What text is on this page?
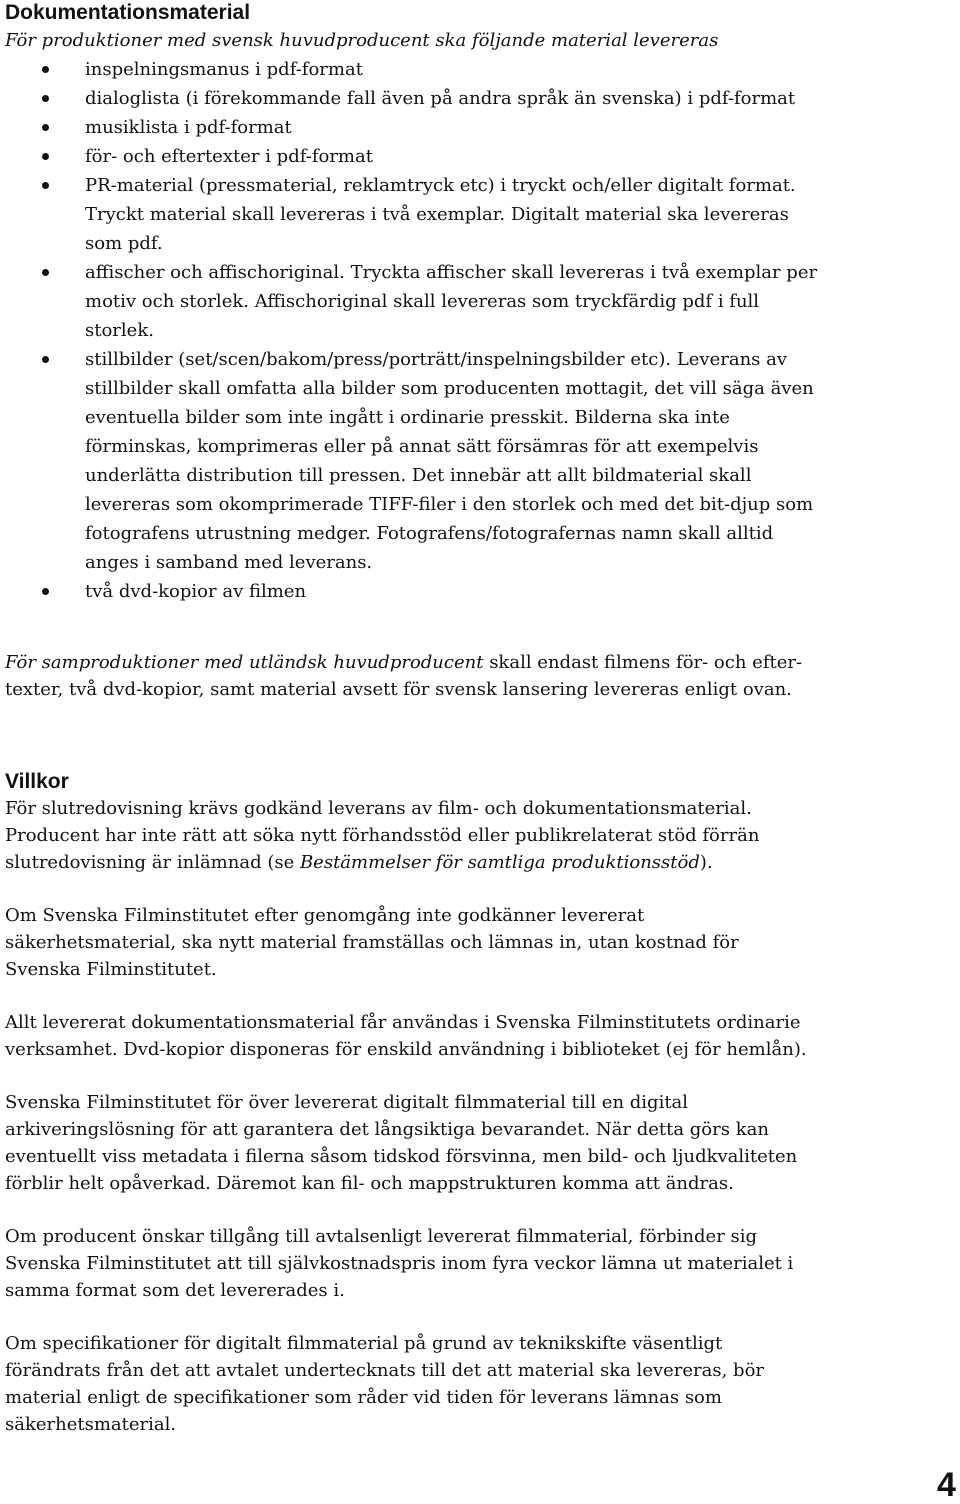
Dokumentationsmaterial

För produktioner med svensk huvudproducent ska följande material levereras

inspelningsmanus i pdf-format
dialoglista (i förekommande fall även på andra språk än svenska) i pdf-format
musiklista i pdf-format
för- och eftertexter i pdf-format
PR-material (pressmaterial, reklamtryck etc) i tryckt och/eller digitalt format. Tryckt material skall levereras i två exemplar. Digitalt material ska levereras som pdf.
affischer och affischoriginal. Tryckta affischer skall levereras i två exemplar per motiv och storlek. Affischoriginal skall levereras som tryckfärdig pdf i full storlek.
stillbilder (set/scen/bakom/press/porträtt/inspelningsbilder etc). Leverans av stillbilder skall omfatta alla bilder som producenten mottagit, det vill säga även eventuella bilder som inte ingått i ordinarie presskit. Bilderna ska inte förminskas, komprimeras eller på annat sätt försämras för att exempelvis underlätta distribution till pressen. Det innebär att allt bildmaterial skall levereras som okomprimerade TIFF-filer i den storlek och med det bit-djup som fotografens utrustning medger. Fotografens/fotografernas namn skall alltid anges i samband med leverans.
två dvd-kopior av filmen

För samproduktioner med utländsk huvudproducent skall endast filmens för- och efter-texter, två dvd-kopior, samt material avsett för svensk lansering levereras enligt ovan.

Villkor

För slutredovisning krävs godkänd leverans av film- och dokumentationsmaterial. Producent har inte rätt att söka nytt förhandsstöd eller publikrelaterat stöd förrän slutredovisning är inlämnad (se Bestämmelser för samtliga produktionsstöd).

Om Svenska Filminstitutet efter genomgång inte godkänner levererat säkerhetsmaterial, ska nytt material framställas och lämnas in, utan kostnad för Svenska Filminstitutet.

Allt levererat dokumentationsmaterial får användas i Svenska Filminstitutets ordinarie verksamhet. Dvd-kopior disponeras för enskild användning i biblioteket (ej för hemlån).

Svenska Filminstitutet för över levererat digitalt filmmaterial till en digital arkiveringslösning för att garantera det långsiktiga bevarandet. När detta görs kan eventuellt viss metadata i filerna såsom tidskod försvinna, men bild- och ljudkvaliteten förblir helt opåverkad. Däremot kan fil- och mappstrukturen komma att ändras.

Om producent önskar tillgång till avtalsenligt levererat filmmaterial, förbinder sig Svenska Filminstitutet att till självkostnadspris inom fyra veckor lämna ut materialet i samma format som det levererades i.

Om specifikationer för digitalt filmmaterial på grund av teknikskifte väsentligt förändrats från det att avtalet undertecknats till det att material ska levereras, bör material enligt de specifikationer som råder vid tiden för leverans lämnas som säkerhetsmaterial.

4
